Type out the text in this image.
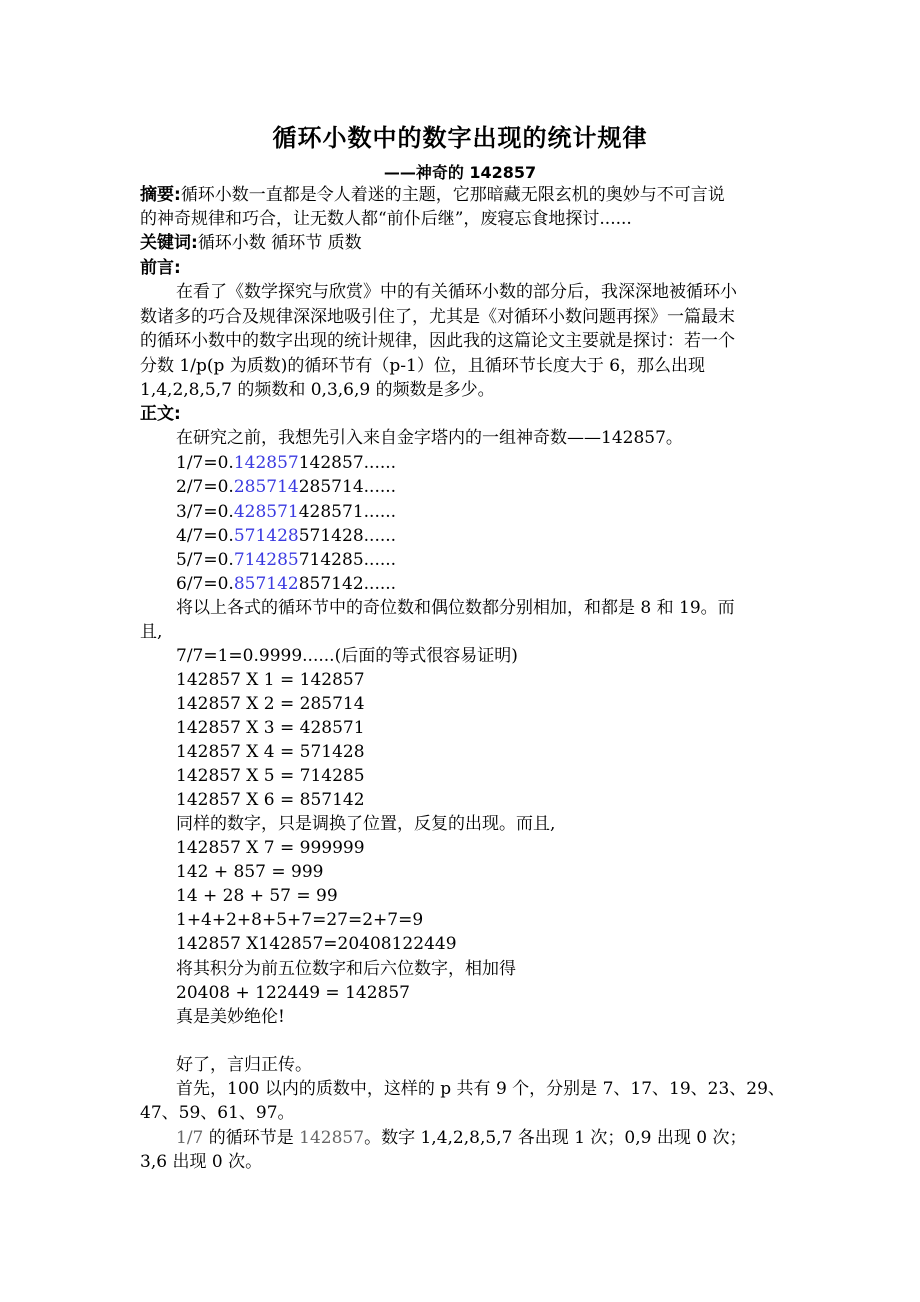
循环小数中的数字出现的统计规律
——神奇的 142857
摘要:循环小数一直都是令人着迷的主题，它那暗藏无限玄机的奥妙与不可言说
的神奇规律和巧合，让无数人都“前仆后继”，废寝忘食地探讨......
关键词:循环小数 循环节 质数
前言:
在看了《数学探究与欣赏》中的有关循环小数的部分后，我深深地被循环小
数诸多的巧合及规律深深地吸引住了，尤其是《对循环小数问题再探》一篇最末
的循环小数中的数字出现的统计规律，因此我的这篇论文主要就是探讨：若一个
分数 1/p(p 为质数)的循环节有（p-1）位，且循环节长度大于 6，那么出现
1,4,2,8,5,7 的频数和 0,3,6,9 的频数是多少。
正文:
在研究之前，我想先引入来自金字塔内的一组神奇数——142857。
1/7=0.142857142857......
2/7=0.285714285714......
3/7=0.428571428571......
4/7=0.571428571428......
5/7=0.714285714285......
6/7=0.857142857142......
将以上各式的循环节中的奇位数和偶位数都分别相加，和都是 8 和 19。而
且,
7/7=1=0.9999......(后面的等式很容易证明)
142857 X 1 = 142857
142857 X 2 = 285714
142857 X 3 = 428571
142857 X 4 = 571428
142857 X 5 = 714285
142857 X 6 = 857142
同样的数字，只是调换了位置，反复的出现。而且,
142857 X 7 = 999999
142 + 857 = 999
14 + 28 + 57 = 99
1+4+2+8+5+7=27=2+7=9
142857 X142857=20408122449
将其积分为前五位数字和后六位数字，相加得
20408 + 122449 = 142857
真是美妙绝伦!
好了，言归正传。
首先，100 以内的质数中，这样的 p 共有 9 个，分别是 7、17、19、23、29、
47、59、61、97。
1/7 的循环节是 142857。数字 1,4,2,8,5,7 各出现 1 次；0,9 出现 0 次；
3,6 出现 0 次。
